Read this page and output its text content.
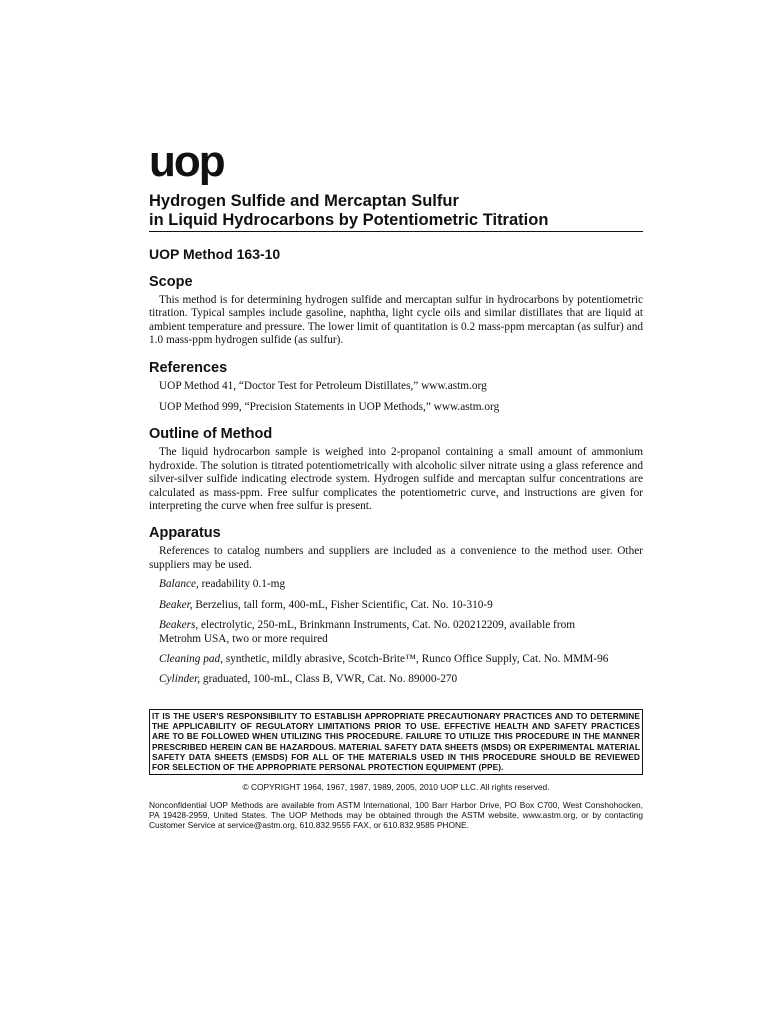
uop
Hydrogen Sulfide and Mercaptan Sulfur
in Liquid Hydrocarbons by Potentiometric Titration
UOP Method 163-10
Scope

This method is for determining hydrogen sulfide and mercaptan sulfur in hydrocarbons by potentiometric titration. Typical samples include gasoline, naphtha, light cycle oils and similar distillates that are liquid at ambient temperature and pressure. The lower limit of quantitation is 0.2 mass-ppm mercaptan (as sulfur) and 1.0 mass-ppm hydrogen sulfide (as sulfur).

References

UOP Method 41, “Doctor Test for Petroleum Distillates,” www.astm.org

UOP Method 999, “Precision Statements in UOP Methods,” www.astm.org

Outline of Method

The liquid hydrocarbon sample is weighed into 2-propanol containing a small amount of ammonium hydroxide. The solution is titrated potentiometrically with alcoholic silver nitrate using a glass reference and silver-silver sulfide indicating electrode system. Hydrogen sulfide and mercaptan sulfur concentrations are calculated as mass-ppm. Free sulfur complicates the potentiometric curve, and instructions are given for interpreting the curve when free sulfur is present.

Apparatus

References to catalog numbers and suppliers are included as a convenience to the method user. Other suppliers may be used.

Balance, readability 0.1-mg

Beaker, Berzelius, tall form, 400-mL, Fisher Scientific, Cat. No. 10-310-9

Beakers, electrolytic, 250-mL, Brinkmann Instruments, Cat. No. 020212209, available from
Metrohm USA, two or more required

Cleaning pad, synthetic, mildly abrasive, Scotch-Brite™, Runco Office Supply, Cat. No. MMM-96

Cylinder, graduated, 100-mL, Class B, VWR, Cat. No. 89000-270

IT IS THE USER'S RESPONSIBILITY TO ESTABLISH APPROPRIATE PRECAUTIONARY PRACTICES AND TO DETERMINE THE APPLICABILITY OF REGULATORY LIMITATIONS PRIOR TO USE. EFFECTIVE HEALTH AND SAFETY PRACTICES ARE TO BE FOLLOWED WHEN UTILIZING THIS PROCEDURE. FAILURE TO UTILIZE THIS PROCEDURE IN THE MANNER PRESCRIBED HEREIN CAN BE HAZARDOUS. MATERIAL SAFETY DATA SHEETS (MSDS) OR EXPERIMENTAL MATERIAL SAFETY DATA SHEETS (EMSDS) FOR ALL OF THE MATERIALS USED IN THIS PROCEDURE SHOULD BE REVIEWED FOR SELECTION OF THE APPROPRIATE PERSONAL PROTECTION EQUIPMENT (PPE).
© COPYRIGHT 1964, 1967, 1987, 1989, 2005, 2010 UOP LLC. All rights reserved.
Nonconfidential UOP Methods are available from ASTM International, 100 Barr Harbor Drive, PO Box C700, West Conshohocken, PA 19428-2959, United States. The UOP Methods may be obtained through the ASTM website, www.astm.org, or by contacting Customer Service at service@astm.org, 610.832.9555 FAX, or 610.832.9585 PHONE.
